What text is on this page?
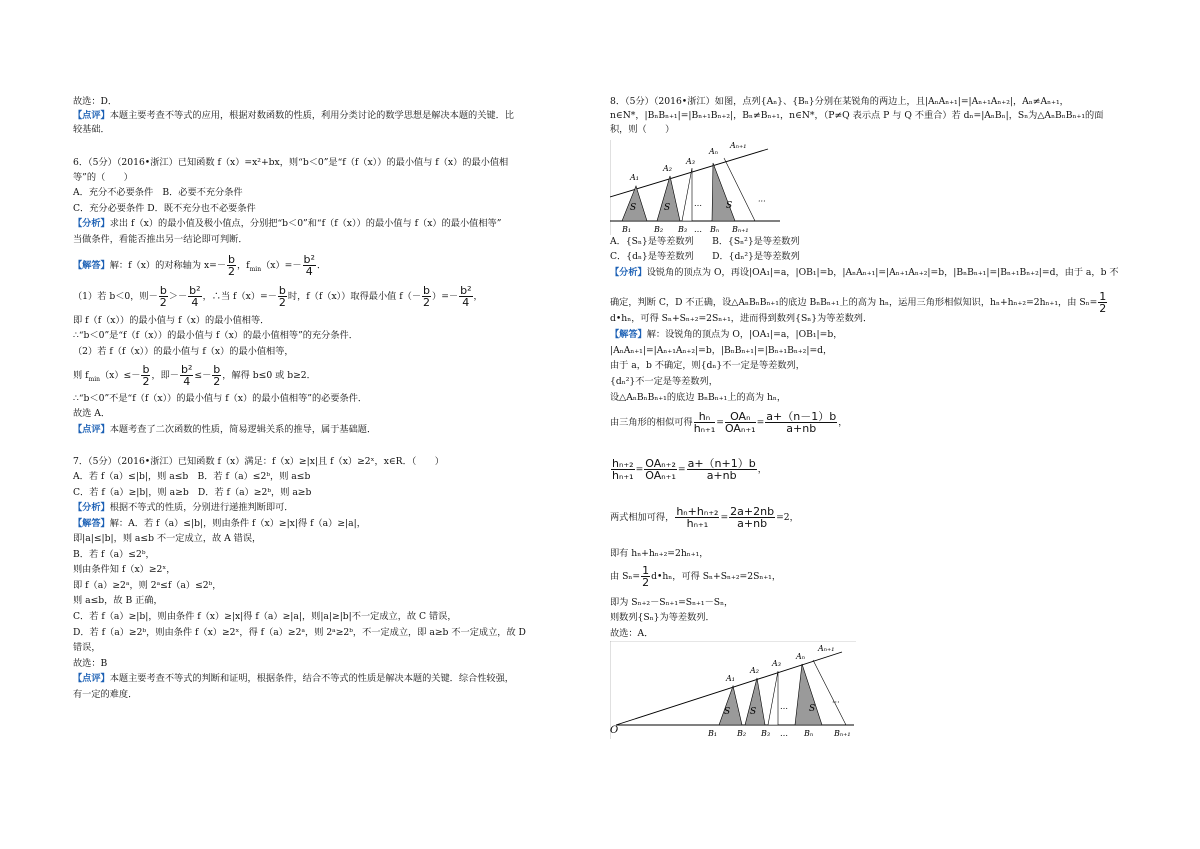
故选：D．
【点评】本题主要考查不等式的应用，根据对数函数的性质，利用分类讨论的数学思想是解决本题的关键．比
较基础．
6．（5分）（2016•浙江）已知函数 f（x）=x²+bx，则“b＜0”是“f（f（x））的最小值与 f（x）的最小值相
等”的（　　）
A．充分不必要条件　B．必要不充分条件
C．充分必要条件 D．既不充分也不必要条件
【分析】求出 f（x）的最小值及极小值点，分别把“b＜0”和“f（f（x））的最小值与 f（x）的最小值相等”
当做条件，看能否推出另一结论即可判断．
【解答】解：f（x）的对称轴为 $x=- \frac{b}{2}$ ，$f_{min}(x)=- \frac{\text{b²}}{4}$ ．
（1）若 b＜0，则－ $\frac{b}{2} >- \frac{\text{b²}}{4}$ ，∴当 $f(x)=- \frac{b}{2}$ 时，f（f（x））取得最小值 $f(- \frac{b}{2}$ ）=－ $\frac{\text{b²}}{4}$ ，
即 f（f（x））的最小值与 f（x）的最小值相等．
∴“b＜0”是“f（f（x））的最小值与 f（x）的最小值相等”的充分条件．
（2）若 f（f（x））的最小值与 f（x）的最小值相等，
则 $f_{min}(x)\le- \frac{b}{2}$ ，即－ $\frac{\text{b²}}{4} \le- \frac{b}{2}$ ，解得 b≤0 或 b≥2．
∴“b＜0”不是“f（f（x））的最小值与 f（x）的最小值相等”的必要条件．
故选 A．
【点评】本题考查了二次函数的性质，简易逻辑关系的推导，属于基础题．
7．（5分）（2016•浙江）已知函数 f（x）满足：f（x）≥|x|且 f（x）≥2ˣ，x∈R．（　　）
A．若 f（a）≤|b|，则 a≤b　B．若 f（a）≤2ᵇ，则 a≤b
C．若 f（a）≥|b|，则 a≥b　D．若 f（a）≥2ᵇ，则 a≥b
【分析】根据不等式的性质，分别进行递推判断即可．
【解答】解：A．若 f（a）≤|b|，则由条件 f（x）≥|x|得 f（a）≥|a|，
即|a|≤|b|，则 a≤b 不一定成立，故 A 错误，
B．若 f（a）≤2ᵇ，
则由条件知 f（x）≥2ˣ，
即 f（a）≥2ᵃ，则 2ᵃ≤f（a）≤2ᵇ，
则 a≤b，故 B 正确，
C．若 f（a）≥|b|，则由条件 f（x）≥|x|得 f（a）≥|a|，则|a|≥|b|不一定成立，故 C 错误，
D．若 f（a）≥2ᵇ，则由条件 f（x）≥2ˣ，得 f（a）≥2ᵃ，则 2ᵃ≥2ᵇ，不一定成立，即 a≥b 不一定成立，故 D
错误，
故选：B
【点评】本题主要考查不等式的判断和证明，根据条件，结合不等式的性质是解决本题的关键．综合性较强，
有一定的难度．
8．（5分）（2016•浙江）如图，点列{Aₙ}、{Bₙ}分别在某锐角的两边上，且|AₙAₙ₊₁|=|Aₙ₊₁Aₙ₊₂|，Aₙ≠Aₙ₊₁，
n∈N*，|BₙBₙ₊₁|=|Bₙ₊₁Bₙ₊₂|，Bₙ≠Bₙ₊₁，n∈N*，（P≠Q 表示点 P 与 Q 不重合）若 dₙ=|AₙBₙ|，Sₙ为△AₙBₙBₙ₊₁的面
积，则（　　）
A₁
A₂
A₃
Aₙ
Aₙ₊₁
S	S	S
…	···
B₁	B₂ B₃ … Bₙ Bₙ₊₁
A．{Sₙ}是等差数列　　B．{Sₙ²}是等差数列
C．{dₙ}是等差数列　　D．{dₙ²}是等差数列
【分析】设锐角的顶点为 O，再设|OA₁|=a，|OB₁|=b，|AₙAₙ₊₁|=|Aₙ₊₁Aₙ₊₂|=b，|BₙBₙ₊₁|=|Bₙ₊₁Bₙ₊₂|=d，由于 a，b 不
确定，判断 C，D 不正确，设△AₙBₙBₙ₊₁的底边 BₙBₙ₊₁上的高为 hₙ，运用三角形相似知识，hₙ+hₙ₊₂=2hₙ₊₁，由 $S_n= \frac{1}{2}$
d•hₙ，可得 Sₙ+Sₙ₊₂=2Sₙ₊₁，进而得到数列{Sₙ}为等差数列．
【解答】解：设锐角的顶点为 O，|OA₁|=a，|OB₁|=b，
|AₙAₙ₊₁|=|Aₙ₊₁Aₙ₊₂|=b，|BₙBₙ₊₁|=|Bₙ₊₁Bₙ₊₂|=d，
由于 a，b 不确定，则{dₙ}不一定是等差数列，
{dₙ²}不一定是等差数列，
设△AₙBₙBₙ₊₁的底边 BₙBₙ₊₁上的高为 hₙ，
由三角形的相似可得 $\frac{\text{hₙ}}{\text{hₙ₊₁}} = OA_n$
$OA_{n+1} = \frac{a+(n-1)b}{a+nb}$ ，
$\frac{\text{hₙ₊₂}}{\text{hₙ₊₁}} = OA_{n+2}$
$OA_{n+1} = \frac{a+(n+1)b}{a+nb}$ ，
两式相加可得， $\frac{\text{hₙ+hₙ₊₂}}{\text{hₙ₊₁}} = \frac{2a+2nb}{a+nb} =2$，
即有 hₙ+hₙ₊₂=2hₙ₊₁，
由 $S_n= \frac{1}{2}$ d•hₙ，可得 Sₙ+Sₙ₊₂=2Sₙ₊₁，
即为 Sₙ₊₂－Sₙ₊₁=Sₙ₊₁－Sₙ，
则数列{Sₙ}为等差数列．
故选：A．
O
A₁
A₂
A₃
Aₙ
Aₙ₊₁
S S	S
…	···
B₁ B₂ B₃ … Bₙ	Bₙ₊₁
